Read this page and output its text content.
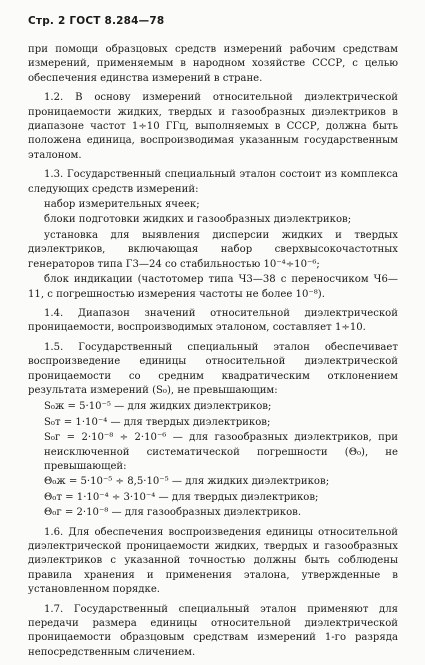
Стр. 2 ГОСТ 8.284—78

при помощи образцовых средств измерений рабочим средствам измерений, применяемым в народном хозяйстве СССР, с целью обеспечения единства измерений в стране.

1.2. В основу измерений относительной диэлектрической проницаемости жидких, твердых и газообразных диэлектриков в диапазоне частот 1÷10 ГГц, выполняемых в СССР, должна быть положена единица, воспроизводимая указанным государственным эталоном.

1.3. Государственный специальный эталон состоит из комплекса следующих средств измерений:

набор измерительных ячеек;

блоки подготовки жидких и газообразных диэлектриков;

установка для выявления дисперсии жидких и твердых диэлектриков, включающая набор сверхвысокочастотных генераторов типа Г3—24 со стабильностью 10⁻⁴÷10⁻⁶;

блок индикации (частотомер типа Ч3—38 с переносчиком Ч6—11, с погрешностью измерения частоты не более 10⁻⁸).

1.4. Диапазон значений относительной диэлектрической проницаемости, воспроизводимых эталоном, составляет 1÷10.

1.5. Государственный специальный эталон обеспечивает воспроизведение единицы относительной диэлектрической проницаемости со средним квадратическим отклонением результата измерений (S₀), не превышающим:

S₀ж = 5·10⁻⁵ — для жидких диэлектриков;

S₀т = 1·10⁻⁴ — для твердых диэлектриков;

S₀г = 2·10⁻⁸ ÷ 2·10⁻⁶ — для газообразных диэлектриков, при неисключенной систематической погрешности (Θ₀), не превышающей:

Θ₀ж = 5·10⁻⁵ ÷ 8,5·10⁻⁵ — для жидких диэлектриков;

Θ₀т = 1·10⁻⁴ ÷ 3·10⁻⁴ — для твердых диэлектриков;

Θ₀г = 2·10⁻⁸ — для газообразных диэлектриков.

1.6. Для обеспечения воспроизведения единицы относительной диэлектрической проницаемости жидких, твердых и газообразных диэлектриков с указанной точностью должны быть соблюдены правила хранения и применения эталона, утвержденные в установленном порядке.

1.7. Государственный специальный эталон применяют для передачи размера единицы относительной диэлектрической проницаемости образцовым средствам измерений 1-го разряда непосредственным сличением.
